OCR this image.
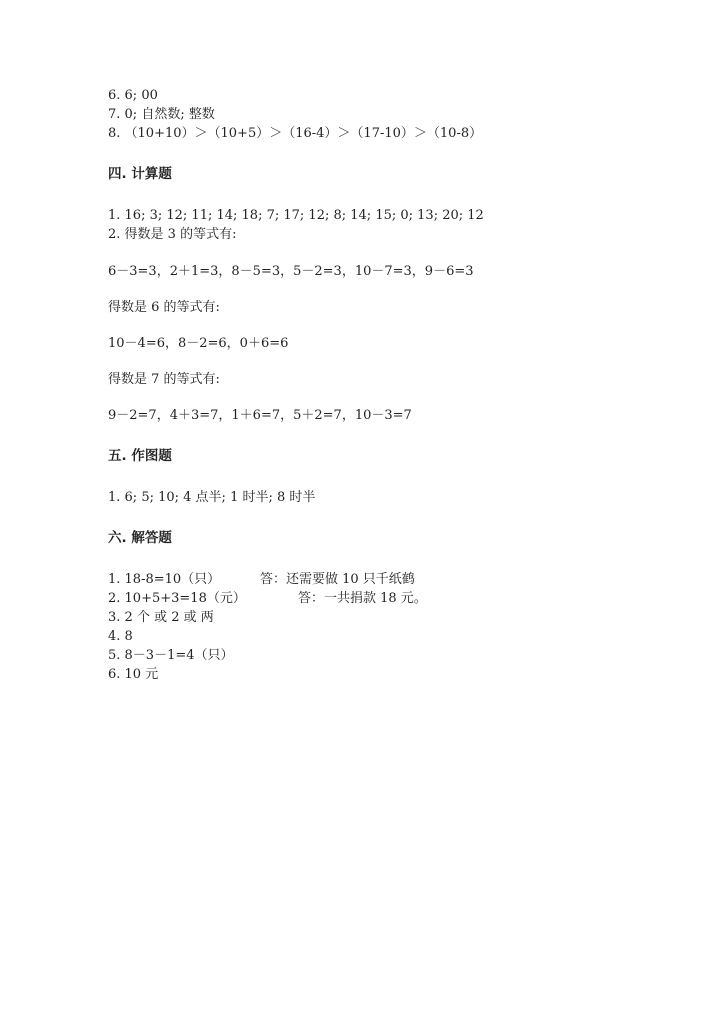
6. 6; 00
7. 0; 自然数; 整数
8. （10+10）＞（10+5）＞（16-4）＞（17-10）＞（10-8）
四. 计算题
1. 16; 3; 12; 11; 14; 18; 7; 17; 12; 8; 14; 15; 0; 13; 20; 12
2. 得数是 3 的等式有:
6－3=3，2＋1=3，8－5=3，5－2=3，10－7=3，9－6=3
得数是 6 的等式有:
10－4=6，8－2=6，0＋6=6
得数是 7 的等式有:
9－2=7，4＋3=7，1＋6=7，5＋2=7，10－3=7
五. 作图题
1. 6; 5; 10; 4 点半; 1 时半; 8 时半
六. 解答题
1. 18-8=10（只）	答：还需要做 10 只千纸鹤
2. 10+5+3=18（元）	答：一共捐款 18 元。
3. 2 个 或 2 或 两
4. 8
5. 8－3－1=4（只）
6. 10 元
